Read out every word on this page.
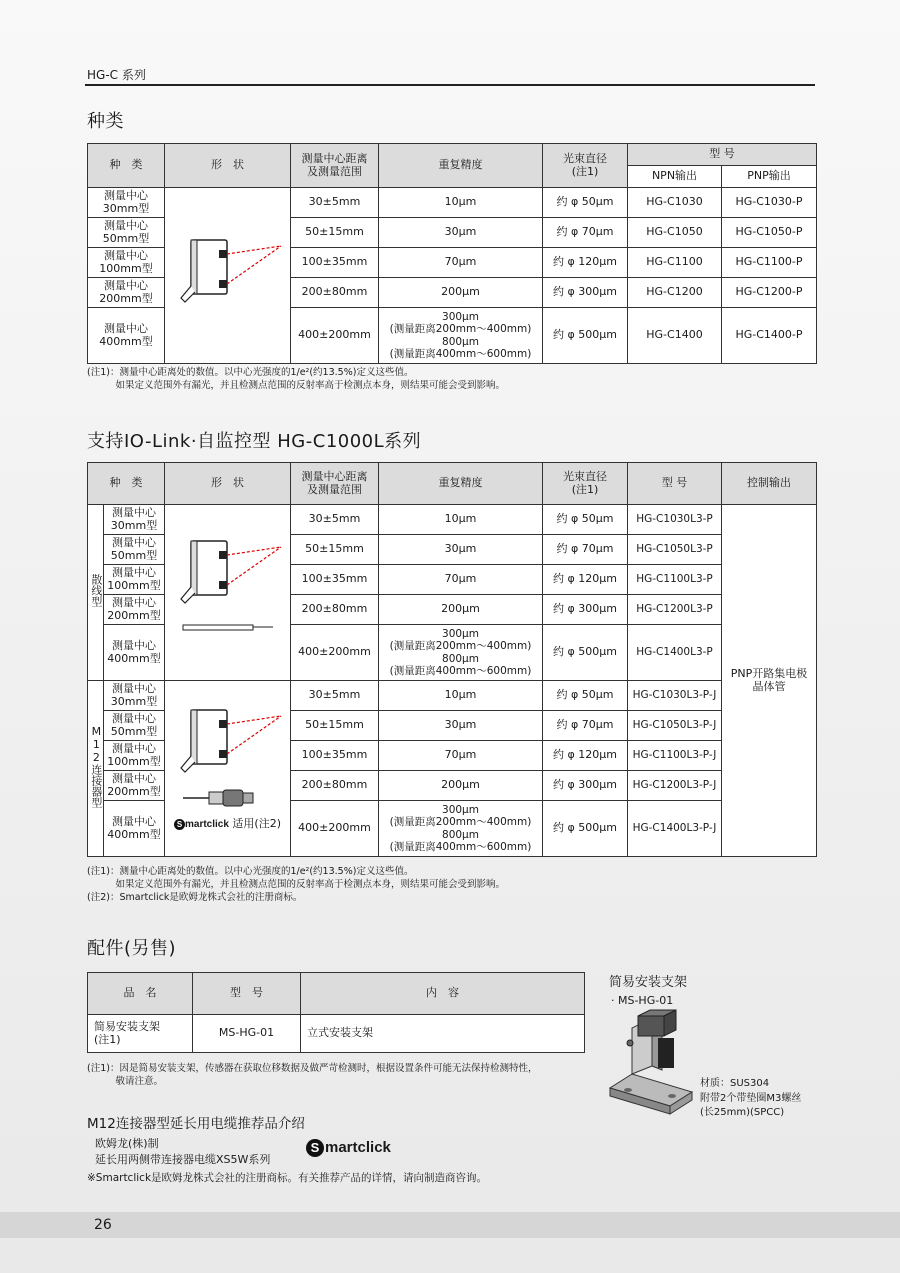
HG-C 系列
种类
种　类	形　状	测量中心距离
及测量范围	重复精度	光束直径
(注1)	型 号	
					NPN输出	PNP输出
测量中心
30mm型		30±5mm	10μm	约 φ 50μm	HG-C1030	HG-C1030-P
测量中心
50mm型		50±15mm	30μm	约 φ 70μm	HG-C1050	HG-C1050-P
测量中心
100mm型		100±35mm	70μm	约 φ 120μm	HG-C1100	HG-C1100-P
测量中心
200mm型		200±80mm	200μm	约 φ 300μm	HG-C1200	HG-C1200-P
测量中心
400mm型		400±200mm	300μm
(测量距离200mm～400mm)
800μm
(测量距离400mm～600mm)	约 φ 500μm	HG-C1400	HG-C1400-P
(注1)：测量中心距离处的数值。以中心光强度的1/e²(约13.5%)定义这些值。
　　　如果定义范围外有漏光，并且检测点范围的反射率高于检测点本身，则结果可能会受到影响。
支持IO-Link·自监控型 HG-C1000L系列
种　类		形　状	测量中心距离
及测量范围	重复精度	光束直径
(注1)	型 号	控制输出
散线型	测量中心
30mm型		30±5mm	10μm	约 φ 50μm	HG-C1030L3-P	PNP开路集电极
晶体管
	测量中心
50mm型		50±15mm	30μm	约 φ 70μm	HG-C1050L3-P	
	测量中心
100mm型		100±35mm	70μm	约 φ 120μm	HG-C1100L3-P	
	测量中心
200mm型		200±80mm	200μm	约 φ 300μm	HG-C1200L3-P	
	测量中心
400mm型		400±200mm	300μm
(测量距离200mm～400mm)
800μm
(测量距离400mm～600mm)	约 φ 500μm	HG-C1400L3-P	
M12连接器型	测量中心
30mm型	S martclick 适用(注2)	30±5mm	10μm	约 φ 50μm	HG-C1030L3-P-J	
	测量中心
50mm型		50±15mm	30μm	约 φ 70μm	HG-C1050L3-P-J	
	测量中心
100mm型		100±35mm	70μm	约 φ 120μm	HG-C1100L3-P-J	
	测量中心
200mm型		200±80mm	200μm	约 φ 300μm	HG-C1200L3-P-J	
	测量中心
400mm型		400±200mm	300μm
(测量距离200mm～400mm)
800μm
(测量距离400mm～600mm)	约 φ 500μm	HG-C1400L3-P-J	
(注1)：测量中心距离处的数值。以中心光强度的1/e²(约13.5%)定义这些值。
　　　如果定义范围外有漏光，并且检测点范围的反射率高于检测点本身，则结果可能会受到影响。
(注2)：Smartclick是欧姆龙株式会社的注册商标。
配件(另售)
品　名	型　号	内　容
简易安装支架
(注1)	MS-HG-01	立式安装支架
(注1)：因是简易安装支架，传感器在获取位移数据及做严苛检测时，根据设置条件可能无法保持检测特性，
　　　敬请注意。
简易安装支架
· MS-HG-01
材质：SUS304
附带2个带垫圈M3螺丝
(长25mm)(SPCC)
M12连接器型延长用电缆推荐品介绍
欧姆龙(株)制
延长用两侧带连接器电缆XS5W系列
S martclick
※Smartclick是欧姆龙株式会社的注册商标。有关推荐产品的详情，请向制造商咨询。
26
